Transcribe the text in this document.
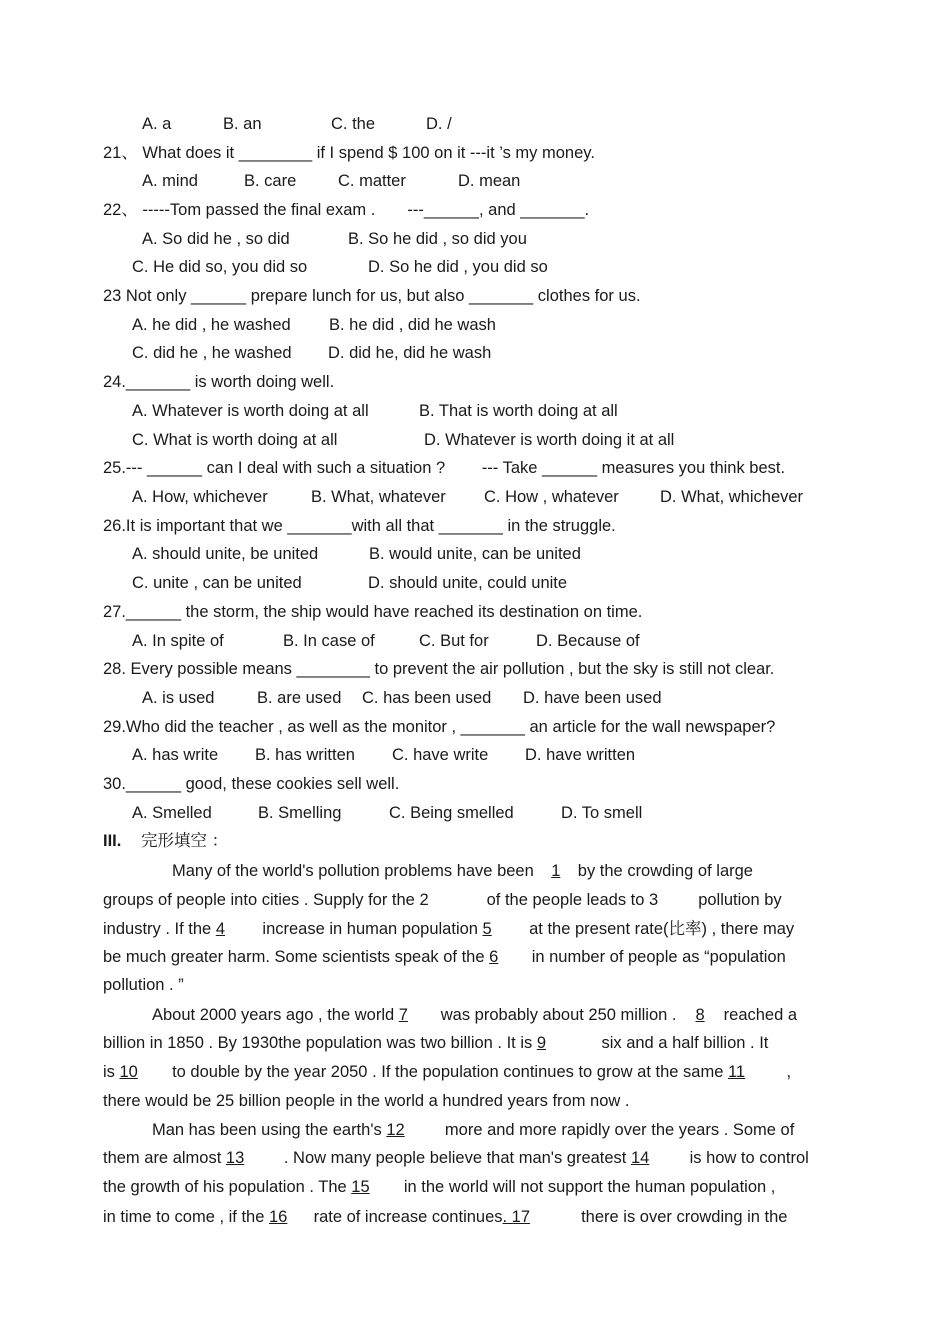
A. a	B. an	C. the	D. /
21、 What does it ________ if I spend $ 100 on it ---it ’s my money.
A. mind	B. care	C. matter	D. mean
22、 -----Tom passed the final exam .       ---______, and _______.
A. So did he , so did	B. So he did , so did you
C. He did so, you did so	D. So he did , you did so
23 Not only ______ prepare lunch for us, but also _______ clothes for us.
A. he did , he washed B. he did , did he wash
C. did he , he washed D. did he, did he wash
24._______ is worth doing well.
A. Whatever is worth doing at all	B. That is worth doing at all
C. What is worth doing at all	D. Whatever is worth doing it at all
25.--- ______ can I deal with such a situation ?        --- Take ______ measures you think best.
A. How, whichever	B. What, whatever C. How , whatever D. What, whichever
26.It is important that we _______with all that _______ in the struggle.
A. should unite, be united	B. would unite, can be united
C. unite , can be united	D. should unite, could unite
27.______ the storm, the ship would have reached its destination on time.
A. In spite of	B. In case of	C. But for	D. Because of
28. Every possible means ________ to prevent the air pollution , but the sky is still not clear.
A. is used	B. are used C. has been used D. have been used
29.Who did the teacher , as well as the monitor , _______ an article for the wall newspaper?
A. has write B. has written C. have write D. have written
30.______ good, these cookies sell well.
A. Smelled	B. Smelling	C. Being smelled	D. To smell
III. 完形填空 ：
Many of the world's pollution problems have been 1 by the crowding of large
groups of people into cities . Supply for the 2	of the people leads to 3 pollution by
industry . If the 4 increase in human population 5 at the present rate(比率) , there may
be much greater harm. Some scientists speak of the 6 in number of people as “population
pollution . ”
About 2000 years ago , the world 7 was probably about 250 million . 8 reached a
billion in 1850 . By 1930the population was two billion . It is 9	six and a half billion . It
is 10 to double by the year 2050 . If the population continues to grow at the same 11 ,
there would be 25 billion people in the world a hundred years from now .
Man has been using the earth's 12 more and more rapidly over the years . Some of
them are almost 13 . Now many people believe that man's greatest 14 is how to control
the growth of his population . The 15 in the world will not support the human population ,
in time to come , if the 16 rate of increase continues. 17	there is over crowding in the
